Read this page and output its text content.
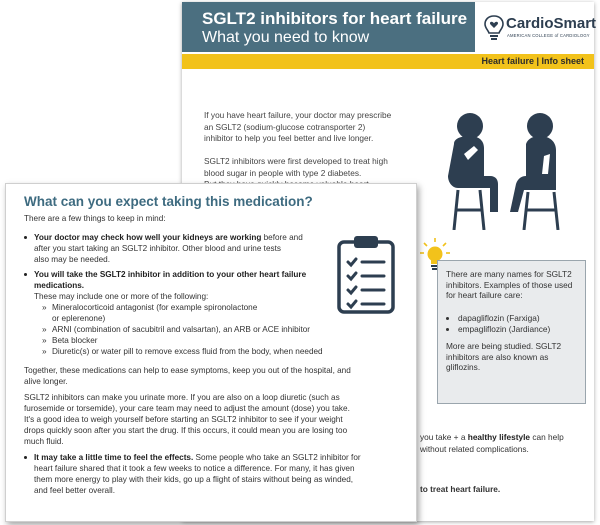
SGLT2 inhibitors for heart failure
What you need to know
CardioSmart
AMERICAN COLLEGE of CARDIOLOGY
Heart failure | Info sheet
If you have heart failure, your doctor may prescribe an SGLT2 (sodium-glucose cotransporter 2) inhibitor to help you feel better and live longer.
SGLT2 inhibitors were first developed to treat high blood sugar in people with type 2 diabetes.
There are many names for SGLT2 inhibitors. Examples of those used for heart failure care:
• dapagliflozin (Farxiga)
• empagliflozin (Jardiance)
More are being studied. SGLT2 inhibitors are also known as gliflozins.
you take + a healthy lifestyle can help
without related complications.
to treat heart failure.
What can you expect taking this medication?
There are a few things to keep in mind:
Your doctor may check how well your kidneys are working before and
after you start taking an SGLT2 inhibitor. Other blood and urine tests
also may be needed.
You will take the SGLT2 inhibitor in addition to your other heart failure
medications.
These may include one or more of the following:
» Mineralocorticoid antagonist (for example spironolactone
or eplerenone)
» ARNI (combination of sacubitril and valsartan), an ARB or ACE inhibitor
» Beta blocker
» Diuretic(s) or water pill to remove excess fluid from the body, when needed
Together, these medications can help to ease symptoms, keep you out of the hospital, and
alive longer.
SGLT2 inhibitors can make you urinate more. If you are also on a loop diuretic (such as
furosemide or torsemide), your care team may need to adjust the amount (dose) you take.
It's a good idea to weigh yourself before starting an SGLT2 inhibitor to see if your weight
drops quickly soon after you start the drug. If this occurs, it could mean you are losing too
much fluid.
It may take a little time to feel the effects. Some people who take an SGLT2 inhibitor for
heart failure shared that it took a few weeks to notice a difference. For many, it has given
them more energy to play with their kids, go up a flight of stairs without being as winded,
and feel better overall.
